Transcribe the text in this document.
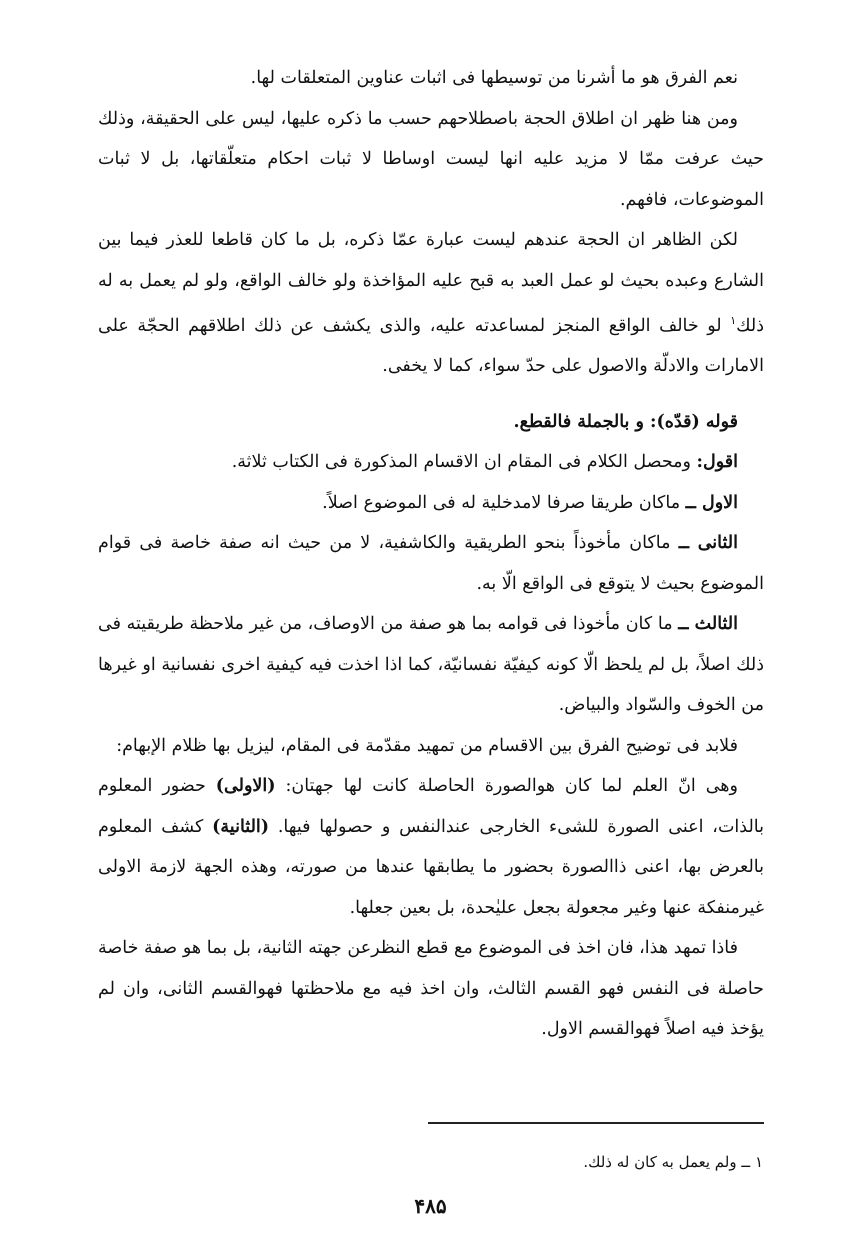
نعم الفرق هو ما أشرنا من توسيطها فى اثبات عناوين المتعلقات لها.

ومن هنا ظهر ان اطلاق الحجة باصطلاحهم حسب ما ذكره عليها، ليس على الحقيقة، وذلك حيث عرفت ممّا لا مزيد عليه انها ليست اوساطا لا ثبات احكام متعلّقاتها، بل لا ثبات الموضوعات، فافهم.

لكن الظاهر ان الحجة عندهم ليست عبارة عمّا ذكره، بل ما كان قاطعا للعذر فيما بين الشارع وعبده بحيث لو عمل العبد به قبح عليه المؤاخذة ولو خالف الواقع، ولو لم يعمل به له ذلك$^١$ لو خالف الواقع المنجز لمساعدته عليه، والذى يكشف عن ذلك اطلاقهم الحجّة على الامارات والادلّة والاصول على حدّ سواء، كما لا يخفى.

قوله (قدّه): و بالجملة فالقطع.

اقول: ومحصل الكلام فى المقام ان الاقسام المذكورة فى الكتاب ثلاثة.

الاول ــ ماكان طريقا صرفا لامدخلية له فى الموضوع اصلاً.

الثانى ــ ماكان مأخوذاً بنحو الطريقية والكاشفية، لا من حيث انه صفة خاصة فى قوام الموضوع بحيث لا يتوقع فى الواقع الّا به.

الثالث ــ ما كان مأخوذا فى قوامه بما هو صفة من الاوصاف، من غير ملاحظة طريقيته فى ذلك اصلاً، بل لم يلحظ الّا كونه كيفيّة نفسانيّة، كما اذا اخذت فيه كيفية اخرى نفسانية او غيرها من الخوف والسّواد والبياض.

فلابد فى توضيح الفرق بين الاقسام من تمهيد مقدّمة فى المقام، ليزيل بها ظلام الإبهام:

وهى انّ العلم لما كان هوالصورة الحاصلة كانت لها جهتان: (الاولى) حضور المعلوم بالذات، اعنى الصورة للشىء الخارجى عندالنفس و حصولها فيها. (الثانية) كشف المعلوم بالعرض بها، اعنى ذاالصورة بحضور ما يطابقها عندها من صورته، وهذه الجهة لازمة الاولى غيرمنفكة عنها وغير مجعولة بجعل عليٰحدة، بل بعين جعلها.

فاذا تمهد هذا، فان اخذ فى الموضوع مع قطع النظرعن جهته الثانية، بل بما هو صفة خاصة حاصلة فى النفس فهو القسم الثالث، وان اخذ فيه مع ملاحظتها فهوالقسم الثانى، وان لم يؤخذ فيه اصلاً فهوالقسم الاول.

١ ــ ولم يعمل به كان له ذلك.
۴۸۵
